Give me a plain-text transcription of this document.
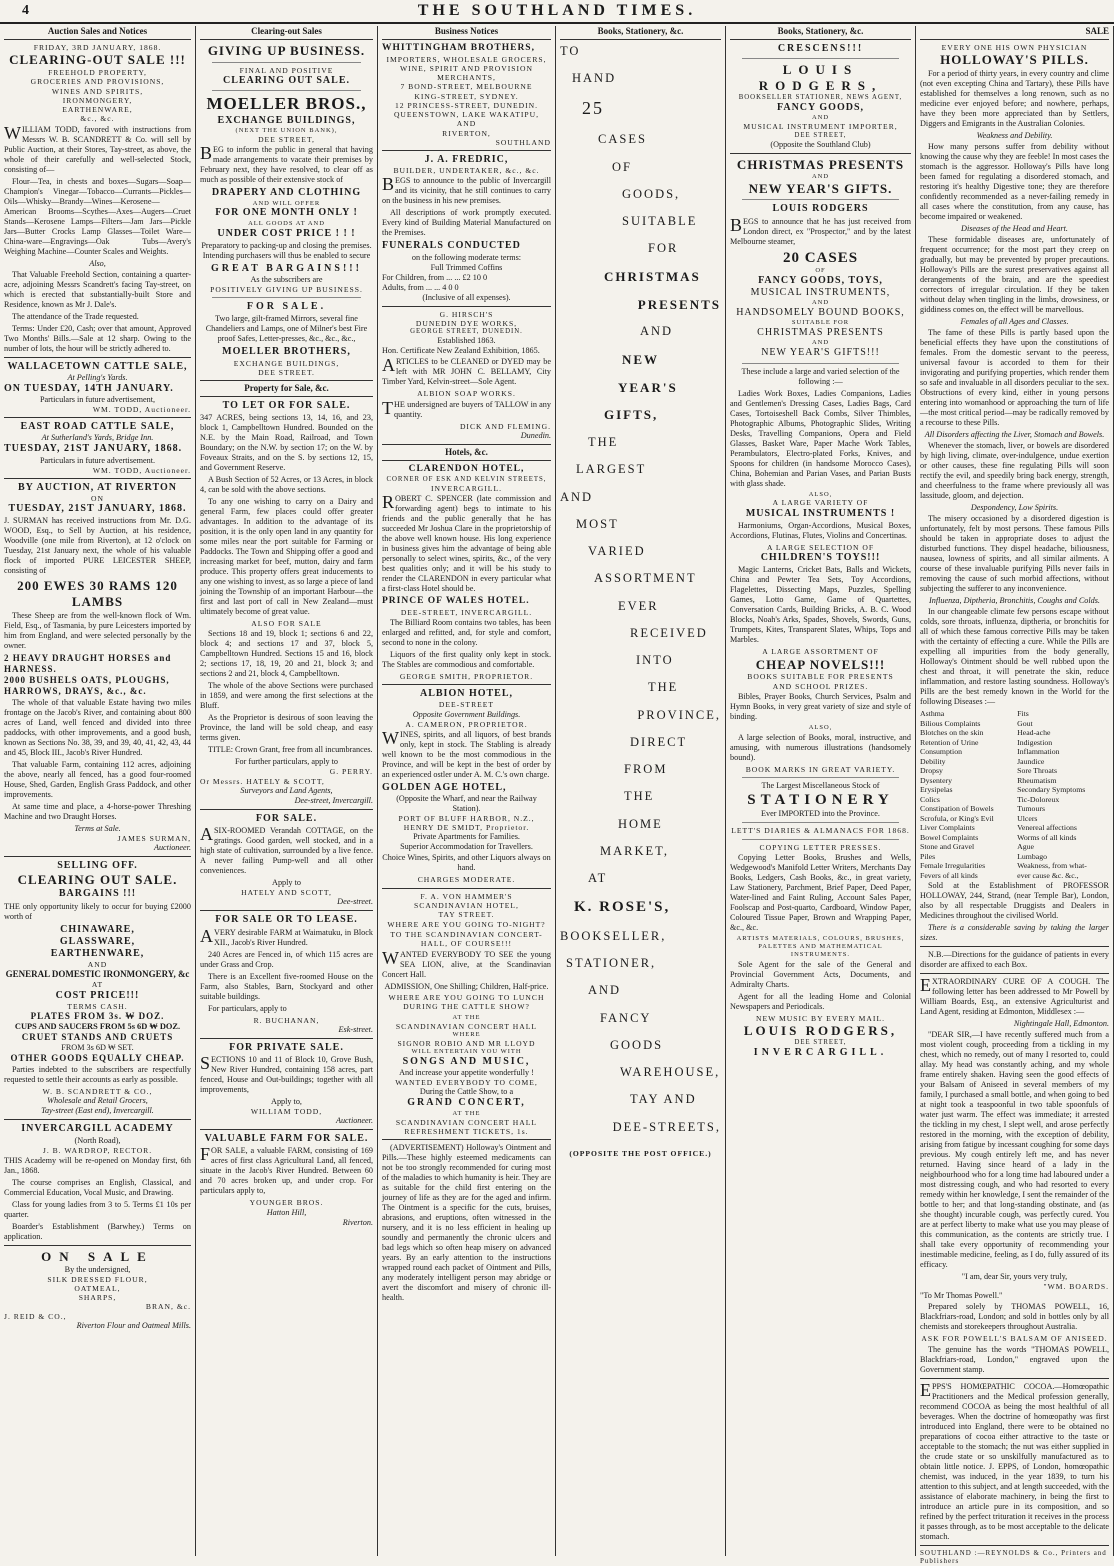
4	THE SOUTHLAND TIMES.
Auction Sales and Notices
FRIDAY, 3RD JANUARY, 1868.
CLEARING-OUT SALE !!!
FREEHOLD PROPERTY,
GROCERIES AND PROVISIONS,
WINES AND SPIRITS,
IRONMONGERY,
EARTHENWARE,
&c., &c.

WILLIAM TODD, favored with instructions from Messrs W. B. SCANDRETT & Co. will sell by Public Auction, at their Stores, Tay-street, as above, the whole of their carefully and well-selected Stock, consisting of—

Flour—Tea, in chests and boxes—Sugars—Soap—Champion's Vinegar—Tobacco—Currants—Pickles—Oils—Whisky—Brandy—Wines—Kerosene—American Brooms—Scythes—Axes—Augers—Cruet Stands—Kerosene Lamps—Filters—Jam Jars—Pickle Jars—Butter Crocks Lamp Glasses—Toilet Ware—China-ware—Engravings—Oak Tubs—Avery's Weighing Machine—Counter Scales and Weights.

Also,

That Valuable Freehold Section, containing a quarter-acre, adjoining Messrs Scandrett's facing Tay-street, on which is erected that substantially-built Store and Residence, known as Mr J. Dale's.

The attendance of the Trade requested.

Terms: Under £20, Cash; over that amount, Approved Two Months' Bills.—Sale at 12 sharp. Owing to the number of lots, the hour will be strictly adhered to.

WALLACETOWN CATTLE SALE,
At Pelling's Yards.
ON TUESDAY, 14TH JANUARY.
Particulars in future advertisement,
WM. TODD, Auctioneer.
EAST ROAD CATTLE SALE,
At Sutherland's Yards, Bridge Inn.
TUESDAY, 21ST JANUARY, 1868.
Particulars in future advertisement.
WM. TODD, Auctioneer.
BY AUCTION, AT RIVERTON
ON
TUESDAY, 21ST JANUARY, 1868.

J. SURMAN has received instructions from Mr. D.G. WOOD, Esq., to Sell by Auction, at his residence, Woodville (one mile from Riverton), at 12 o'clock on Tuesday, 21st January next, the whole of his valuable flock of imported PURE LEICESTER SHEEP, consisting of

200 EWES 30 RAMS 120 LAMBS

These Sheep are from the well-known flock of Wm. Field, Esq., of Tasmania, by pure Leicesters imported by him from England, and were selected personally by the owner.

2 HEAVY DRAUGHT HORSES and HARNESS.
2000 BUSHELS OATS, PLOUGHS, HARROWS, DRAYS, &c., &c.

The whole of that valuable Estate having two miles frontage on the Jacob's River, and containing about 800 acres of Land, well fenced and divided into three paddocks, with other improvements, and a good bush, known as Sections No. 38, 39, and 39, 40, 41, 42, 43, 44 and 45, Block III., Jacob's River Hundred.

That valuable Farm, containing 112 acres, adjoining the above, nearly all fenced, has a good four-roomed House, Shed, Garden, English Grass Paddock, and other improvements.

At same time and place, a 4-horse-power Threshing Machine and two Draught Horses.

Terms at Sale.
JAMES SURMAN,
Auctioneer.
SELLING OFF.
CLEARING OUT SALE.
BARGAINS !!!

THE only opportunity likely to occur for buying £2000 worth of

CHINAWARE,
GLASSWARE,
EARTHENWARE,
AND
GENERAL DOMESTIC IRONMONGERY, &c
AT
COST PRICE!!!
TERMS CASH.
PLATES FROM 3s. ₩ DOZ.
CUPS AND SAUCERS FROM 5s 6D ₩ DOZ.
CRUET STANDS AND CRUETS
FROM 3s 6D ₩ SET.
OTHER GOODS EQUALLY CHEAP.

Parties indebted to the subscribers are respectfully requested to settle their accounts as early as possible.

W. B. SCANDRETT & CO.,
Wholesale and Retail Grocers,
Tay-street (East end), Invercargill.
INVERCARGILL ACADEMY
(North Road),
J. B. WARDROP, RECTOR.

THIS Academy will be re-opened on Monday first, 6th Jan., 1868.

The course comprises an English, Classical, and Commercial Education, Vocal Music, and Drawing.

Class for young ladies from 3 to 5. Terms £1 10s per quarter.

Boarder's Establishment (Barwhey.) Terms on application.

ON SALE
By the undersigned,
SILK DRESSED FLOUR,
OATMEAL,
SHARPS,
BRAN, &c.
J. REID & CO.,
Riverton Flour and Oatmeal Mills.
Clearing-out Sales
GIVING UP BUSINESS.
FINAL AND POSITIVE
CLEARING OUT SALE.
MOELLER BROS.,
EXCHANGE BUILDINGS,
(NEXT THE UNION BANK),
DEE STREET,

BEG to inform the public in general that having made arrangements to vacate their premises by February next, they have resolved, to clear off as much as possible of their extensive stock of

DRAPERY AND CLOTHING
AND WILL OFFER
FOR ONE MONTH ONLY !
ALL GOODS AT AND
UNDER COST PRICE ! ! !

Preparatory to packing-up and closing the premises. Intending purchasers will thus be enabled to secure

GREAT BARGAINS!!!
As the subscribers are
POSITIVELY GIVING UP BUSINESS.
FOR SALE.

Two large, gilt-framed Mirrors, several fine Chandeliers and Lamps, one of Milner's best Fire proof Safes, Letter-presses, &c., &c., &c.,

MOELLER BROTHERS,
EXCHANGE BUILDINGS,
DEE STREET.
Property for Sale, &c.
TO LET OR FOR SALE.

347 ACRES, being sections 13, 14, 16, and 23, block 1, Campbelltown Hundred. Bounded on the N.E. by the Main Road, Railroad, and Town Boundary; on the N.W. by section 17; on the W. by Foveaux Straits, and on the S. by sections 12, 15, and Government Reserve.

A Bush Section of 52 Acres, or 13 Acres, in block 4, can be sold with the above sections.

To any one wishing to carry on a Dairy and general Farm, few places could offer greater advantages. In addition to the advantage of its position, it is the only open land in any quantity for some miles near the port suitable for Farming or Paddocks. The Town and Shipping offer a good and increasing market for beef, mutton, dairy and farm produce. This property offers great inducements to any one wishing to invest, as so large a piece of land joining the Township of an important Harbour—the first and last port of call in New Zealand—must ultimately become of great value.

ALSO FOR SALE

Sections 18 and 19, block 1; sections 6 and 22, block 4; and sections 17 and 37, block 5, Campbelltown Hundred. Sections 15 and 16, block 2; sections 17, 18, 19, 20 and 21, block 3; and sections 2 and 21, block 4, Campbelltown.

The whole of the above Sections were purchased in 1859, and were among the first selections at the Bluff.

As the Proprietor is desirous of soon leaving the Province, the land will be sold cheap, and easy terms given.

TITLE: Crown Grant, free from all incumbrances.

For further particulars, apply to
G. PERRY.
Or Messrs. HATELY & SCOTT,
Surveyors and Land Agents,
Dee-street, Invercargill.
FOR SALE.

ASIX-ROOMED Verandah COTTAGE, on the gratings. Good garden, well stocked, and in a high state of cultivation, surrounded by a live fence. A never failing Pump-well and all other conveniences.

Apply to
HATELY AND SCOTT,
Dee-street.
FOR SALE OR TO LEASE.

AVERY desirable FARM at Waimatuku, in Block XII., Jacob's River Hundred.

240 Acres are Fenced in, of which 115 acres are under Grass and Crop.

There is an Excellent five-roomed House on the Farm, also Stables, Barn, Stockyard and other suitable buildings.

For particulars, apply to

R. BUCHANAN,
Esk-street.
FOR PRIVATE SALE.

SECTIONS 10 and 11 of Block 10, Grove Bush, New River Hundred, containing 158 acres, part fenced, House and Out-buildings; together with all improvements,

Apply to,
WILLIAM TODD,
Auctioneer.
VALUABLE FARM FOR SALE.

FOR SALE, a valuable FARM, consisting of 169 acres of first class Agricultural Land, all fenced, situate in the Jacob's River Hundred. Between 60 and 70 acres broken up, and under crop. For particulars apply to,

YOUNGER BROS.
Hatton Hill,
Riverton.
Business Notices
WHITTINGHAM BROTHERS,
IMPORTERS, WHOLESALE GROCERS,
WINE, SPIRIT AND PROVISION
MERCHANTS,
7 BOND-STREET, MELBOURNE
KING-STREET, SYDNEY.
12 PRINCESS-STREET, DUNEDIN.
QUEENSTOWN, LAKE WAKATIPU,
AND
RIVERTON,
SOUTHLAND
J. A. FREDRIC,
BUILDER, UNDERTAKER, &c., &c.

BEGS to announce to the public of Invercargill and its vicinity, that he still continues to carry on the business in his new premises.

All descriptions of work promptly executed. Every kind of Building Material Manufactured on the Premises.

FUNERALS CONDUCTED
on the following moderate terms:
Full Trimmed Coffins
For Children, from ... ... £2 10 0
Adults, from ... ... 4 0 0
(Inclusive of all expenses).
G. HIRSCH'S
DUNEDIN DYE WORKS,
GEORGE STREET, DUNEDIN.
Established 1863.
Hon. Certificate New Zealand Exhibition, 1865.

ARTICLES to be CLEANED or DYED may be left with MR JOHN C. BELLAMY, City Timber Yard, Kelvin-street—Sole Agent.

ALBION SOAP WORKS.

THE undersigned are buyers of TALLOW in any quantity.

DICK AND FLEMING.
Dunedin.
Hotels, &c.
CLARENDON HOTEL,
CORNER OF ESK AND KELVIN STREETS,
INVERCARGILL.

ROBERT C. SPENCER (late commission and forwarding agent) begs to intimate to his friends and the public generally that he has succeeded Mr Joshua Clare in the proprietorship of the above well known house. His long experience in business gives him the advantage of being able personally to select wines, spirits, &c., of the very best qualities only; and it will be his study to render the CLARENDON in every particular what a first-class Hotel should be.

PRINCE OF WALES HOTEL.
DEE-STREET, INVERCARGILL.

The Billiard Room contains two tables, has been enlarged and refitted, and, for style and comfort, second to none in the colony.

Liquors of the first quality only kept in stock. The Stables are commodious and comfortable.

GEORGE SMITH, PROPRIETOR.
ALBION HOTEL,
DEE-STREET
Opposite Government Buildings.
A. CAMERON, PROPRIETOR.

WINES, spirits, and all liquors, of best brands only, kept in stock. The Stabling is already well known to be the most commodious in the Province, and will be kept in the best of order by an experienced ostler under A. M. C.'s own charge.

GOLDEN AGE HOTEL,
(Opposite the Wharf, and near the Railway Station).
PORT OF BLUFF HARBOR, N.Z.,
HENRY DE SMIDT, Proprietor.
Private Apartments for Families.
Superior Accommodation for Travellers.

Choice Wines, Spirits, and other Liquors always on hand.

CHARGES MODERATE.
F. A. VON HAMMER'S
SCANDINAVIAN HOTEL,
TAY STREET.

WHERE ARE YOU GOING TO-NIGHT? TO THE SCANDINAVIAN CONCERT-HALL, OF COURSE!!!

WANTED EVERYBODY TO SEE the young SEA LION, alive, at the Scandinavian Concert Hall.

ADMISSION, One Shilling; Children, Half-price.

WHERE ARE YOU GOING TO LUNCH DURING THE CATTLE SHOW?

AT THE
SCANDINAVIAN CONCERT HALL
WHERE
SIGNOR ROBIO AND MR LLOYD
WILL ENTERTAIN YOU WITH
SONGS AND MUSIC,
And increase your appetite wonderfully !
WANTED EVERYBODY TO COME,
During the Cattle Show, to a
GRAND CONCERT,
AT THE
SCANDINAVIAN CONCERT HALL
REFRESHMENT TICKETS, 1s.

(ADVERTISEMENT) Holloway's Ointment and Pills.—These highly esteemed medicaments can not be too strongly recommended for curing most of the maladies to which humanity is heir. They are as suitable for the child first entering on the journey of life as they are for the aged and infirm. The Ointment is a specific for the cuts, bruises, abrasions, and eruptions, often witnessed in the nursery, and it is no less efficient in healing up soundly and permanently the chronic ulcers and bad legs which so often heap misery on advanced years. By an early attention to the instructions wrapped round each packet of Ointment and Pills, any moderately intelligent person may abridge or avert the discomfort and misery of chronic ill-health.

Books, Stationery, &c.
TO
HAND
25
CASES
OF
GOODS,
SUITABLE
FOR
CHRISTMAS
PRESENTS
AND
NEW
YEAR'S
GIFTS,
THE
LARGEST
AND
MOST
VARIED
ASSORTMENT
EVER
RECEIVED
INTO
THE
PROVINCE,
DIRECT
FROM
THE
HOME
MARKET,
AT
K. ROSE'S,
BOOKSELLER,
STATIONER,
AND
FANCY
GOODS
WAREHOUSE,
TAY AND
DEE-STREETS,
(OPPOSITE THE POST OFFICE.)
Books, Stationery, &c.
CRESCENS!!!
LOUIS RODGERS,
BOOKSELLER STATIONER, NEWS AGENT,
FANCY GOODS,
AND
MUSICAL INSTRUMENT IMPORTER,
DEE STREET,
(Opposite the Southland Club)
CHRISTMAS PRESENTS
AND
NEW YEAR'S GIFTS.
LOUIS RODGERS

BEGS to announce that he has just received from London direct, ex "Prospector," and by the latest Melbourne steamer,

20 CASES
OF
FANCY GOODS, TOYS,
MUSICAL INSTRUMENTS,
AND
HANDSOMELY BOUND BOOKS,
SUITABLE FOR
CHRISTMAS PRESENTS
AND
NEW YEAR'S GIFTS!!!

These include a large and varied selection of the following :—

Ladies Work Boxes, Ladies Companions, Ladies and Gentlemen's Dressing Cases, Ladies Bags, Card Cases, Tortoiseshell Back Combs, Silver Thimbles, Photographic Albums, Photographic Slides, Writing Desks, Travelling Companions, Opera and Field Glasses, Basket Ware, Paper Mache Work Tables, Perambulators, Electro-plated Forks, Knives, and Spoons for children (in handsome Morocco Cases), China, Bohemian and Parian Vases, and Parian Busts with glass shade.

ALSO,
A LARGE VARIETY OF
MUSICAL INSTRUMENTS !

Harmoniums, Organ-Accordions, Musical Boxes, Accordions, Flutinas, Flutes, Violins and Concertinas.

A LARGE SELECTION OF
CHILDREN'S TOYS!!!

Magic Lanterns, Cricket Bats, Balls and Wickets, China and Pewter Tea Sets, Toy Accordions, Flagelettes, Dissecting Maps, Puzzles, Spelling Games, Lotto Game, Game of Quartettes, Conversation Cards, Building Bricks, A. B. C. Wood Blocks, Noah's Arks, Spades, Shovels, Swords, Guns, Trumpets, Kites, Transparent Slates, Whips, Tops and Marbles.

A LARGE ASSORTMENT OF
CHEAP NOVELS!!!
BOOKS SUITABLE FOR PRESENTS
AND SCHOOL PRIZES.

Bibles, Prayer Books, Church Services, Psalm and Hymn Books, in very great variety of size and style of binding.

ALSO,

A large selection of Books, moral, instructive, and amusing, with numerous illustrations (handsomely bound).

BOOK MARKS IN GREAT VARIETY.
The Largest Miscellaneous Stock of
STATIONERY
Ever IMPORTED into the Province.
LETT'S DIARIES & ALMANACS FOR 1868.
COPYING LETTER PRESSES.

Copying Letter Books, Brushes and Wells, Wedgewood's Manifold Letter Writers, Merchants Day Books, Ledgers, Cash Books, &c., in great variety, Law Stationery, Parchment, Brief Paper, Deed Paper, Water-lined and Faint Ruling, Account Sales Paper, Foolscap and Post-quarto, Cardboard, Window Paper, Coloured Tissue Paper, Brown and Wrapping Paper, &c., &c.

ARTISTS MATERIALS, COLOURS, BRUSHES, PALETTES AND MATHEMATICAL INSTRUMENTS.

Sole Agent for the sale of the General and Provincial Government Acts, Documents, and Admiralty Charts.

Agent for all the leading Home and Colonial Newspapers and Periodicals.

NEW MUSIC BY EVERY MAIL.
LOUIS RODGERS,
DEE STREET,
INVERCARGILL.
SALE
EVERY ONE HIS OWN PHYSICIAN
HOLLOWAY'S PILLS.

For a period of thirty years, in every country and clime (not even excepting China and Tartary), these Pills have established for themselves a long renown, such as no medicine ever enjoyed before; and nowhere, perhaps, have they been more appreciated than by Settlers, Diggers and Emigrants in the Australian Colonies.

Weakness and Debility.

How many persons suffer from debility without knowing the cause why they are feeble! In most cases the stomach is the aggressor. Holloway's Pills have long been famed for regulating a disordered stomach, and restoring it's healthy Digestive tone; they are therefore confidently recommended as a never-failing remedy in all cases where the constitution, from any cause, has become impaired or weakened.

Diseases of the Head and Heart.

These formidable diseases are, unfortunately of frequent occurrence; for the most part they creep on gradually, but may be prevented by proper precautions. Holloway's Pills are the surest preservatives against all derangements of the brain, and are the speediest correctors of irregular circulation. If they be taken without delay when tingling in the limbs, drowsiness, or giddiness comes on, the effect will be marvellous.

Females of all Ages and Classes.

The fame of these Pills is partly based upon the beneficial effects they have upon the constitutions of females. From the domestic servant to the peeress, universal favour is accorded to them for their invigorating and purifying properties, which render them so safe and invaluable in all disorders peculiar to the sex. Obstructions of every kind, either in young persons entering into womanhood or approaching the turn of life —the most critical period—may be radically removed by a recourse to these Pills.

All Disorders affecting the Liver, Stomach and Bowels.

Whenever the stomach, liver, or bowels are disordered by high living, climate, over-indulgence, undue exertion or other causes, these fine regulating Pills will soon rectify the evil, and speedily bring back energy, strength, and cheerfulness to the frame where previously all was lassitude, gloom, and dejection.

Despondency, Low Spirits.

The misery occasioned by a disordered digestion is unfortunately, felt by most persons. These famous Pills should be taken in appropriate doses to adjust the disturbed functions. They dispel headache, biliousness, nausea, lowness of spirits, and all similar ailments. A course of these invaluable purifying Pills never fails in removing the cause of such morbid affections, without subjecting the sufferer to any inconvenience.

Influenza, Diptheria, Bronchitis, Coughs and Colds.

In our changeable climate few persons escape without colds, sore throats, influenza, diptheria, or bronchitis for all of which these famous corrective Pills may be taken with the certainty of effecting a cure. While the Pills are expelling all impurities from the body generally, Holloway's Ointment should be well rubbed upon the chest and throat, it will penetrate the skin, reduce inflammation, and restore lasting soundness. Holloway's Pills are the best remedy known in the World for the following Diseases :—

Asthma	Fits
Bilious Complaints	Gout
Blotches on the skin	Head-ache
Retention of Urine	Indigestion
Consumption	Inflammation
Debility	Jaundice
Dropsy	Sore Throats
Dysentery	Rheumatism
Erysipelas	Secondary Symptoms
Colics	Tic-Doloreux
Constipation of Bowels	Tumours
Scrofula, or King's Evil	Ulcers
Liver Complaints	Venereal affections
Bowel Complaints	Worms of all kinds
Stone and Gravel	Ague
Piles	Lumbago
Female Irregularities	Weakness, from what-
Fevers of all kinds	ever cause &c. &c.,

Sold at the Establishment of PROFESSOR HOLLOWAY, 244, Strand, (near Temple Bar), London, also by all respectable Druggists and Dealers in Medicines throughout the civilised World.

There is a considerable saving by taking the larger sizes.

N.B.—Directions for the guidance of patients in every disorder are affixed to each Box.

EXTRAORDINARY CURE OF A COUGH. The following letter has been addressed to Mr Powell by William Boards, Esq., an extensive Agriculturist and Land Agent, residing at Edmonton, Middlesex :—

Nightingale Hall, Edmonton.

"DEAR SIR,—I have recently suffered much from a most violent cough, proceeding from a tickling in my chest, which no remedy, out of many I resorted to, could allay. My head was constantly aching, and my whole frame entirely shaken. Having seen the good effects of your Balsam of Aniseed in several members of my family, I purchased a small bottle, and when going to bed at night took a teaspoonful in two table spoonfuls of water just warm. The effect was immediate; it arrested the tickling in my chest, I slept well, and arose perfectly restored in the morning, with the exception of debility, arising from fatigue by incessant coughing for some days previous. My cough entirely left me, and has never returned. Having since heard of a lady in the neighbourhood who for a long time had laboured under a most distressing cough, and who had resorted to every remedy within her knowledge, I sent the remainder of the bottle to her; and that long-standing obstinate, and (as she thought) incurable cough, was perfectly cured. You are at perfect liberty to make what use you may please of this communication, as the contents are strictly true. I shall take every opportunity of recommending your inestimable medicine, feeling, as I do, fully assured of its efficacy.

"I am, dear Sir, yours very truly,
"WM. BOARDS.
"To Mr Thomas Powell."

Prepared solely by THOMAS POWELL, 16, Blackfriars-road, London; and sold in bottles only by all chemists and storekeepers throughout Australia.

ASK FOR POWELL'S BALSAM OF ANISEED.

The genuine has the words "THOMAS POWELL, Blackfriars-road, London," engraved upon the Government stamp.

EPPS'S HOMŒPATHIC COCOA.—Homœopathic Practitioners and the Medical profession generally, recommend COCOA as being the most healthful of all beverages. When the doctrine of homœopathy was first introduced into England, there were to be obtained no preparations of cocoa either attractive to the taste or acceptable to the stomach; the nut was either supplied in the crude state or so unskilfully manufactured as to obtain little notice. J. EPPS, of London, homœopathic chemist, was induced, in the year 1839, to turn his attention to this subject, and at length succeeded, with the assistance of elaborate machinery, in being the first to introduce an article pure in its composition, and so refined by the perfect trituration it receives in the process it passes through, as to be most acceptable to the delicate stomach.

SOUTHLAND :—REYNOLDS & Co., Printers and Publishers
